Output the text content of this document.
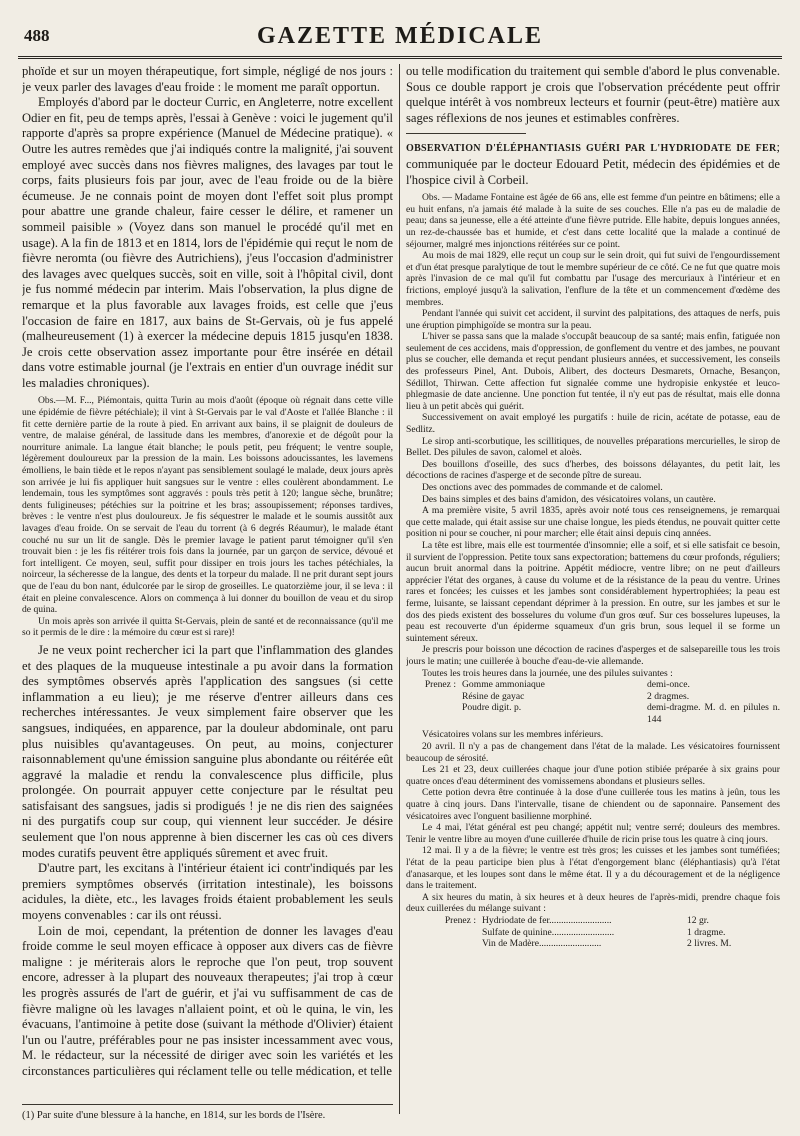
488	GAZETTE MÉDICALE

phoïde et sur un moyen thérapeutique, fort simple, négligé de nos jours : je veux parler des lavages d'eau froide : le moment me paraît opportun.

Employés d'abord par le docteur Curric, en Angleterre, notre excellent Odier en fit, peu de temps après, l'essai à Genève : voici le jugement qu'il rapporte d'après sa propre expérience (Manuel de Médecine pratique). « Outre les autres remèdes que j'ai indiqués contre la malignité, j'ai souvent employé avec succès dans nos fièvres malignes, des lavages par tout le corps, faits plusieurs fois par jour, avec de l'eau froide ou de la bière écumeuse. Je ne connais point de moyen dont l'effet soit plus prompt pour abattre une grande chaleur, faire cesser le délire, et ramener un sommeil paisible » (Voyez dans son manuel le procédé qu'il met en usage). A la fin de 1813 et en 1814, lors de l'épidémie qui reçut le nom de fièvre neromta (ou fièvre des Autrichiens), j'eus l'occasion d'administrer des lavages avec quelques succès, soit en ville, soit à l'hôpital civil, dont je fus nommé médecin par interim. Mais l'observation, la plus digne de remarque et la plus favorable aux lavages froids, est celle que j'eus l'occasion de faire en 1817, aux bains de St-Gervais, où je fus appelé (malheureusement (1) à exercer la médecine depuis 1815 jusqu'en 1838. Je crois cette observation assez importante pour être insérée en détail dans votre estimable journal (je l'extrais en entier d'un ouvrage inédit sur les maladies chroniques).

Obs.—M. F..., Piémontais, quitta Turin au mois d'août (époque où régnait dans cette ville une épidémie de fièvre pétéchiale); il vint à St-Gervais par le val d'Aoste et l'allée Blanche : il fit cette dernière partie de la route à pied. En arrivant aux bains, il se plaignit de douleurs de ventre, de malaise général, de lassitude dans les membres, d'anorexie et de dégoût pour la nourriture animale. La langue était blanche; le pouls petit, peu fréquent; le ventre souple, légèrement douloureux par la pression de la main. Les boissons adoucissantes, les lavemens émolliens, le bain tiède et le repos n'ayant pas sensiblement soulagé le malade, deux jours après son arrivée je lui fis appliquer huit sangsues sur le ventre : elles coulèrent abondamment. Le lendemain, tous les symptômes sont aggravés : pouls très petit à 120; langue sèche, brunâtre; dents fuligineuses; pétéchies sur la poitrine et les bras; assoupissement; réponses tardives, brèves : le ventre n'est plus douloureux. Je fis séquestrer le malade et le soumis aussitôt aux lavages d'eau froide. On se servait de l'eau du torrent (à 6 degrés Réaumur), le malade étant couché nu sur un lit de sangle. Dès le premier lavage le patient parut témoigner qu'il s'en trouvait bien : je les fis réitérer trois fois dans la journée, par un garçon de service, dévoué et fort intelligent. Ce moyen, seul, suffit pour dissiper en trois jours les taches pétéchiales, la noirceur, la sécheresse de la langue, des dents et la torpeur du malade. Il ne prit durant sept jours que de l'eau du bon nant, édulcorée par le sirop de groseilles. Le quatorzième jour, il se leva : il était en pleine convalescence. Alors on commença à lui donner du bouillon de veau et du sirop de quina.

Un mois après son arrivée il quitta St-Gervais, plein de santé et de reconnaissance (qu'il me so it permis de le dire : la mémoire du cœur est si rare)!

Je ne veux point rechercher ici la part que l'inflammation des glandes et des plaques de la muqueuse intestinale a pu avoir dans la formation des symptômes observés après l'application des sangsues (si cette inflammation a eu lieu); je me réserve d'entrer ailleurs dans ces recherches intéressantes. Je veux simplement faire observer que les sangsues, indiquées, en apparence, par la douleur abdominale, ont paru plus nuisibles qu'avantageuses. On peut, au moins, conjecturer raisonnablement qu'une émission sanguine plus abondante ou réitérée eût aggravé la maladie et rendu la convalescence plus difficile, plus prolongée. On pourrait appuyer cette conjecture par le résultat peu satisfaisant des sangsues, jadis si prodigués ! je ne dis rien des saignées ni des purgatifs coup sur coup, qui viennent leur succéder. Je désire seulement que l'on nous apprenne à bien discerner les cas où ces divers modes curatifs peuvent être appliqués sûrement et avec fruit.

D'autre part, les excitans à l'intérieur étaient ici contr'indiqués par les premiers symptômes observés (irritation intestinale), les boissons acidules, la diète, etc., les lavages froids étaient probablement les seuls moyens convenables : car ils ont réussi.

Loin de moi, cependant, la prétention de donner les lavages d'eau froide comme le seul moyen efficace à opposer aux divers cas de fièvre maligne : je mériterais alors le reproche que l'on peut, trop souvent encore, adresser à la plupart des nouveaux therapeutes; j'ai trop à cœur les progrès assurés de l'art de guérir, et j'ai vu suffisamment de cas de fièvre maligne où les lavages n'allaient point, et où le quina, le vin, les évacuans, l'antimoine à petite dose (suivant la méthode d'Olivier) étaient l'un ou l'autre, préférables pour ne pas insister incessamment avec vous, M. le rédacteur, sur la nécessité de diriger avec soin les variétés et les circonstances particulières qui réclament telle ou telle médication, et telle

(1) Par suite d'une blessure à la hanche, en 1814, sur les bords de l'Isère.

ou telle modification du traitement qui semble d'abord le plus convenable. Sous ce double rapport je crois que l'observation précédente peut offrir quelque intérêt à vos nombreux lecteurs et fournir (peut-être) matière aux sages réflexions de nos jeunes et estimables confrères.

OBSERVATION D'ÉLÉPHANTIASIS GUÉRI PAR L'HYDRIODATE DE FER; communiquée par le docteur Edouard Petit, médecin des épidémies et de l'hospice civil à Corbeil.

Obs. — Madame Fontaine est âgée de 66 ans, elle est femme d'un peintre en bâtimens; elle a eu huit enfans, n'a jamais été malade à la suite de ses couches. Elle n'a pas eu de maladie de peau; dans sa jeunesse, elle a été atteinte d'une fièvre putride. Elle habite, depuis longues années, un rez-de-chaussée bas et humide, et c'est dans cette localité que la malade a continué de séjourner, malgré mes injonctions réitérées sur ce point.

Au mois de mai 1829, elle reçut un coup sur le sein droit, qui fut suivi de l'engourdissement et d'un état presque paralytique de tout le membre supérieur de ce côté. Ce ne fut que quatre mois après l'invasion de ce mal qu'il fut combattu par l'usage des mercuriaux à l'intérieur et en frictions, employé jusqu'à la salivation, l'enflure de la tête et un commencement d'œdème des membres.

Pendant l'année qui suivit cet accident, il survint des palpitations, des attaques de nerfs, puis une éruption pimphigoïde se montra sur la peau.

L'hiver se passa sans que la malade s'occupât beaucoup de sa santé; mais enfin, fatiguée non seulement de ces accidens, mais d'oppression, de gonflement du ventre et des jambes, ne pouvant plus se coucher, elle demanda et reçut pendant plusieurs années, et successivement, les conseils des professeurs Pinel, Ant. Dubois, Alibert, des docteurs Desmarets, Ornache, Besançon, Sédillot, Thirwan. Cette affection fut signalée comme une hydropisie enkystée et leuco-phlegmasie de date ancienne. Une ponction fut tentée, il n'y eut pas de résultat, mais elle donna lieu à un petit abcès qui guérit.

Successivement on avait employé les purgatifs : huile de ricin, acétate de potasse, eau de Sedlitz.

Le sirop anti-scorbutique, les scillitiques, de nouvelles préparations mercurielles, le sirop de Bellet. Des pilules de savon, calomel et aloès.

Des bouillons d'oseille, des sucs d'herbes, des boissons délayantes, du petit lait, les décoctions de racines d'asperge et de seconde pître de sureau.

Des onctions avec des pommades de commande et de calomel.

Des bains simples et des bains d'amidon, des vésicatoires volans, un cautère.

A ma première visite, 5 avril 1835, après avoir noté tous ces renseignemens, je remarquai que cette malade, qui était assise sur une chaise longue, les pieds étendus, ne pouvait quitter cette position ni pour se coucher, ni pour marcher; elle était ainsi depuis cinq années.

La tête est libre, mais elle est tourmentée d'insomnie; elle a soif, et si elle satisfait ce besoin, il survient de l'oppression. Petite toux sans expectoration; battemens du cœur profonds, réguliers; aucun bruit anormal dans la poitrine. Appétit médiocre, ventre libre; on ne peut d'ailleurs apprécier l'état des organes, à cause du volume et de la résistance de la peau du ventre. Urines rares et foncées; les cuisses et les jambes sont considérablement hypertrophiées; la peau est ferme, luisante, se laissant cependant déprimer à la pression. En outre, sur les jambes et sur le dos des pieds existent des bosselures du volume d'un gros œuf. Sur ces bosselures lupeuses, la peau est recouverte d'un épiderme squameux d'un gris brun, sous lequel il se forme un suintement séreux.

Je prescris pour boisson une décoction de racines d'asperges et de salsepareille tous les trois jours le matin; une cuillerée à bouche d'eau-de-vie allemande.

Toutes les trois heures dans la journée, une des pilules suivantes :

Prenez : Gomme ammoniaque	demi-once.
Résine de gayac	2 dragmes.
Poudre digit. p.	demi-dragme. M. d. en pilules n. 144

Vésicatoires volans sur les membres inférieurs.

20 avril. Il n'y a pas de changement dans l'état de la malade. Les vésicatoires fournissent beaucoup de sérosité.

Les 21 et 23, deux cuillerées chaque jour d'une potion stibiée préparée à six grains pour quatre onces d'eau déterminent des vomissemens abondans et plusieurs selles.

Cette potion devra être continuée à la dose d'une cuillerée tous les matins à jeûn, tous les quatre à cinq jours. Dans l'intervalle, tisane de chiendent ou de saponnaire. Pansement des vésicatoires avec l'onguent basilienne morphiné.

Le 4 mai, l'état général est peu changé; appétit nul; ventre serré; douleurs des membres. Tenir le ventre libre au moyen d'une cuillerée d'huile de ricin prise tous les quatre à cinq jours.

12 mai. Il y a de la fièvre; le ventre est très gros; les cuisses et les jambes sont tuméfiées; l'état de la peau participe bien plus à l'état d'engorgement blanc (éléphantiasis) qu'à l'état d'anasarque, et les loupes sont dans le même état. Il y a du découragement et de la négligence dans le traitement.

A six heures du matin, à six heures et à deux heures de l'après-midi, prendre chaque fois deux cuillerées du mélange suivant :

Prenez : Hydriodate de fer..........................	12 gr.
Sulfate de quinine..........................	1 dragme.
Vin de Madère..........................	2 livres. M.
